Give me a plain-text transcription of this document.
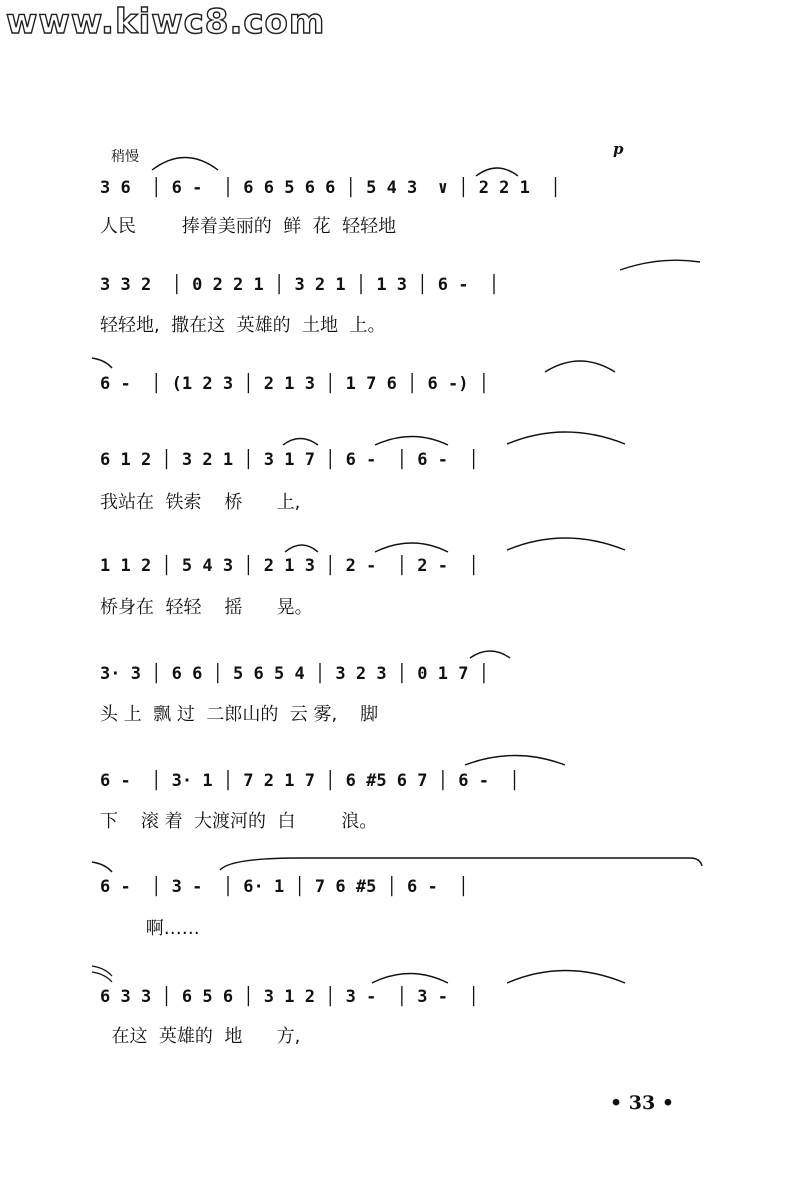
www.kiwc8.com
稍慢	p
3 6  │ 6 -  │ 6 6 5 6 6 │ 5 4 3  ∨ │ 2 2 1  │
人民        捧着美丽的  鲜  花  轻轻地
3 3 2  │ 0 2 2 1 │ 3 2 1 │ 1 3 │ 6 -  │
轻轻地,  撒在这  英雄的  土地  上。
6 -  │ (1 2 3 │ 2 1 3 │ 1 7 6 │ 6 -) │
6 1 2 │ 3 2 1 │ 3 1 7 │ 6 -  │ 6 -  │
我站在  铁索    桥      上,
1 1 2 │ 5 4 3 │ 2 1 3 │ 2 -  │ 2 -  │
桥身在  轻轻    摇      晃。
3· 3 │ 6 6 │ 5 6 5 4 │ 3 2 3 │ 0 1 7 │
头 上  飘 过  二郎山的  云 雾,    脚
6 -  │ 3· 1 │ 7 2 1 7 │ 6 #5 6 7 │ 6 -  │
下    滚 着  大渡河的  白        浪。
6 -  │ 3 -  │ 6· 1 │ 7 6 #5 │ 6 -  │
啊……
6 3 3 │ 6 5 6 │ 3 1 2 │ 3 -  │ 3 -  │
在这  英雄的  地      方,
• 33 •
